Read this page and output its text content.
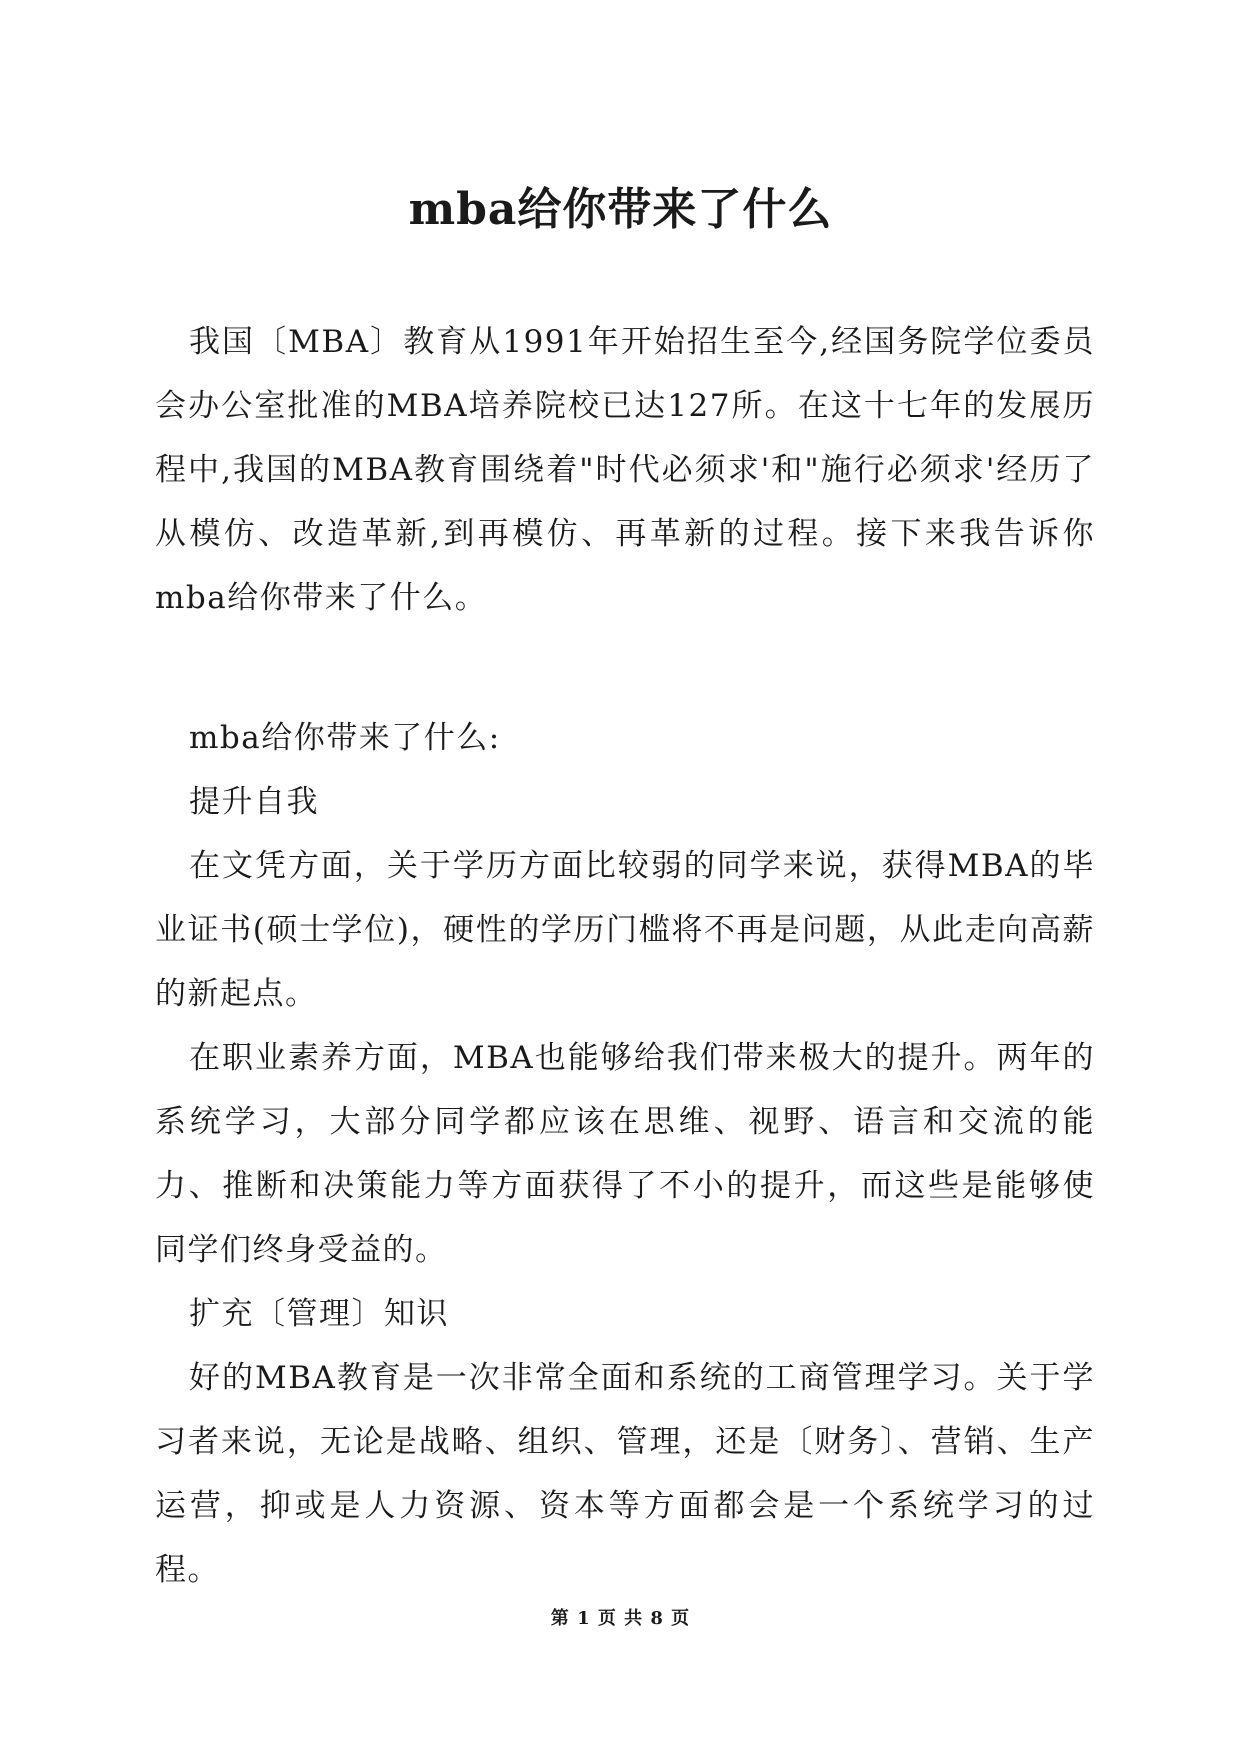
mba给你带来了什么

我国〔MBA〕教育从1991年开始招生至今,经国务院学位委员会办公室批准的MBA培养院校已达127所。在这十七年的发展历程中,我国的MBA教育围绕着"时代必须求'和"施行必须求'经历了从模仿、改造革新,到再模仿、再革新的过程。接下来我告诉你mba给你带来了什么。

mba给你带来了什么:

提升自我

在文凭方面，关于学历方面比较弱的同学来说，获得MBA的毕业证书(硕士学位)，硬性的学历门槛将不再是问题，从此走向高薪的新起点。

在职业素养方面，MBA也能够给我们带来极大的提升。两年的系统学习，大部分同学都应该在思维、视野、语言和交流的能力、推断和决策能力等方面获得了不小的提升，而这些是能够使同学们终身受益的。

扩充〔管理〕知识

好的MBA教育是一次非常全面和系统的工商管理学习。关于学习者来说，无论是战略、组织、管理，还是〔财务〕、营销、生产运营，抑或是人力资源、资本等方面都会是一个系统学习的过程。

第 1 页 共 8 页
